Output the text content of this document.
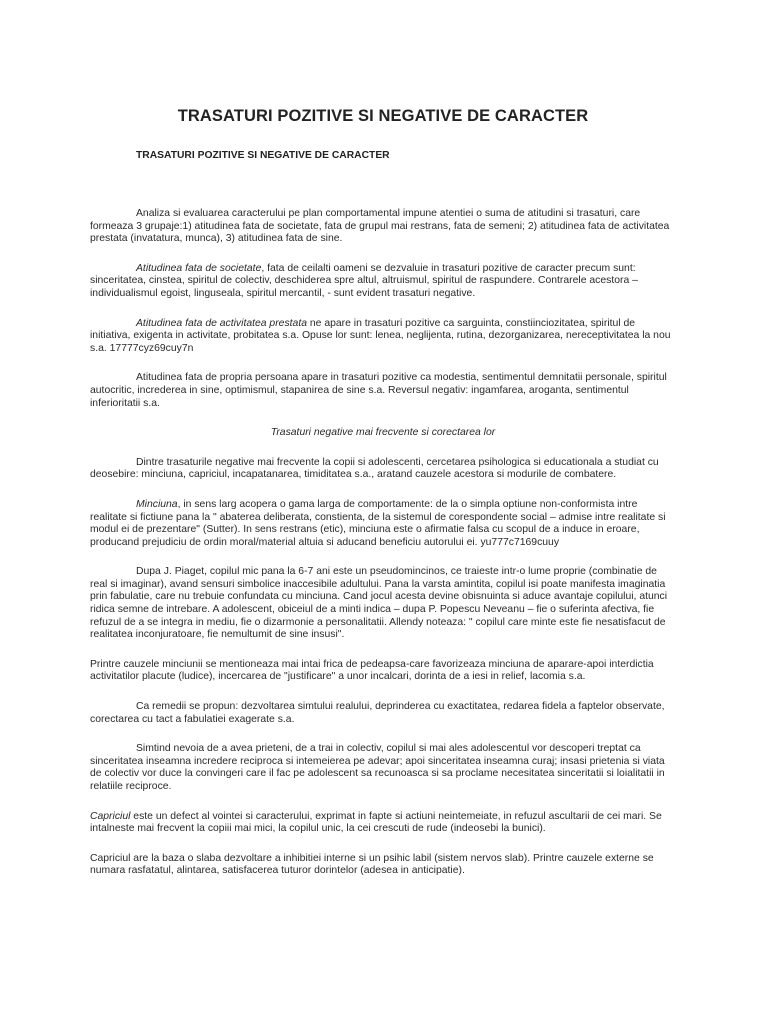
TRASATURI POZITIVE SI NEGATIVE DE CARACTER
TRASATURI POZITIVE SI NEGATIVE DE CARACTER

Analiza si evaluarea caracterului pe plan comportamental impune atentiei o suma de atitudini si trasaturi, care formeaza 3 grupaje:1) atitudinea fata de societate, fata de grupul mai restrans, fata de semeni; 2) atitudinea fata de activitatea prestata (invatatura, munca), 3) atitudinea fata de sine.

Atitudinea fata de societate, fata de ceilalti oameni se dezvaluie in trasaturi pozitive de caracter precum sunt: sinceritatea, cinstea, spiritul de colectiv, deschiderea spre altul, altruismul, spiritul de raspundere. Contrarele acestora – individualismul egoist, linguseala, spiritul mercantil, - sunt evident trasaturi negative.

Atitudinea fata de activitatea prestata ne apare in trasaturi pozitive ca sarguinta, constiinciozitatea, spiritul de initiativa, exigenta in activitate, probitatea s.a. Opuse lor sunt: lenea, neglijenta, rutina, dezorganizarea, nereceptivitatea la nou s.a. 17777cyz69cuy7n

Atitudinea fata de propria persoana apare in trasaturi pozitive ca modestia, sentimentul demnitatii personale, spiritul autocritic, increderea in sine, optimismul, stapanirea de sine s.a. Reversul negativ: ingamfarea, aroganta, sentimentul inferioritatii s.a.

Trasaturi negative mai frecvente si corectarea lor

Dintre trasaturile negative mai frecvente la copii si adolescenti, cercetarea psihologica si educationala a studiat cu deosebire: minciuna, capriciul, incapatanarea, timiditatea s.a., aratand cauzele acestora si modurile de combatere.

Minciuna, in sens larg acopera o gama larga de comportamente: de la o simpla optiune non-conformista intre realitate si fictiune pana la " abaterea deliberata, constienta, de la sistemul de corespondente social – admise intre realitate si modul ei de prezentare" (Sutter). In sens restrans (etic), minciuna este o afirmatie falsa cu scopul de a induce in eroare, producand prejudiciu de ordin moral/material altuia si aducand beneficiu autorului ei. yu777c7169cuuy

Dupa J. Piaget, copilul mic pana la 6-7 ani este un pseudomincinos, ce traieste intr-o lume proprie (combinatie de real si imaginar), avand sensuri simbolice inaccesibile adultului. Pana la varsta amintita, copilul isi poate manifesta imaginatia prin fabulatie, care nu trebuie confundata cu minciuna. Cand jocul acesta devine obisnuinta si aduce avantaje copilului, atunci ridica semne de intrebare. A adolescent, obiceiul de a minti indica – dupa P. Popescu Neveanu – fie o suferinta afectiva, fie refuzul de a se integra in mediu, fie o dizarmonie a personalitatii. Allendy noteaza: " copilul care minte este fie nesatisfacut de realitatea inconjuratoare, fie nemultumit de sine insusi".

Printre cauzele minciunii se mentioneaza mai intai frica de pedeapsa-care favorizeaza minciuna de aparare-apoi interdictia activitatilor placute (ludice), incercarea de "justificare" a unor incalcari, dorinta de a iesi in relief, lacomia s.a.

Ca remedii se propun: dezvoltarea simtului realului, deprinderea cu exactitatea, redarea fidela a faptelor observate, corectarea cu tact a fabulatiei exagerate s.a.

Simtind nevoia de a avea prieteni, de a trai in colectiv, copilul si mai ales adolescentul vor descoperi treptat ca sinceritatea inseamna incredere reciproca si intemeierea pe adevar; apoi sinceritatea inseamna curaj; insasi prietenia si viata de colectiv vor duce la convingeri care il fac pe adolescent sa recunoasca si sa proclame necesitatea sinceritatii si loialitatii in relatiile reciproce.

Capriciul este un defect al vointei si caracterului, exprimat in fapte si actiuni neintemeiate, in refuzul ascultarii de cei mari. Se intalneste mai frecvent la copiii mai mici, la copilul unic, la cei crescuti de rude (indeosebi la bunici).

Capriciul are la baza o slaba dezvoltare a inhibitiei interne si un psihic labil (sistem nervos slab). Printre cauzele externe se numara rasfatatul, alintarea, satisfacerea tuturor dorintelor (adesea in anticipatie).
